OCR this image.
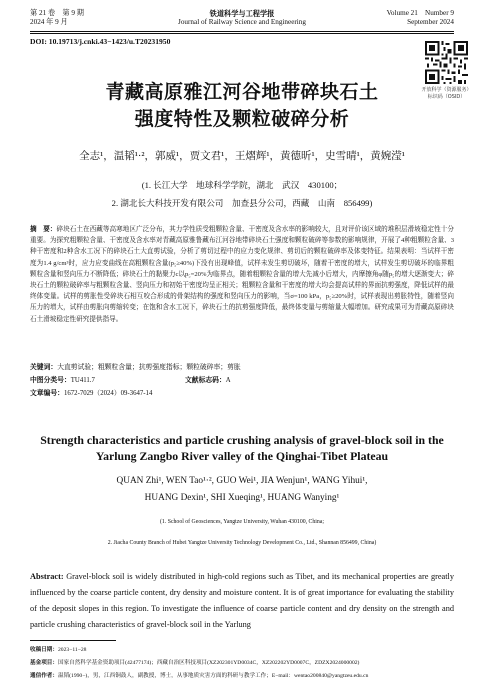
第 21 卷　第 9 期
2024 年 9 月
铁道科学与工程学报
Journal of Railway Science and Engineering
Volume 21　Number 9
September 2024
DOI: 10.19713/j.cnki.43−1423/u.T20231950
开放科学（资源服务）标识码（OSID）
青藏高原雅江河谷地带碎块石土
强度特性及颗粒破碎分析
全志¹，温韬¹·²，郭威¹，贾文君¹，王熠辉¹，黄德昕¹，史雪晴¹，黄婉滢¹
(1. 长江大学　地球科学学院，湖北　武汉　430100；
2. 湖北长大科技开发有限公司　加查县分公司，西藏　山南　856499)
摘　要：碎块石土在西藏等高寒地区广泛分布，其力学性质受粗颗粒含量、干密度及含水率的影响较大，且对评价该区域的堆积层滑坡稳定性十分重要。为探究粗颗粒含量、干密度及含水率对青藏高原雅鲁藏布江河谷地带碎块石土强度和颗粒破碎等参数的影响规律，开展了4种粗颗粒含量、3种干密度和2种含水工况下的碎块石土大直剪试验，分析了剪切过程中的应力变化规律、剪切后的颗粒破碎率及体变特征。结果表明：当试样干密度为1.4 g/cm³时，应力应变曲线在高粗颗粒含量(p₅≥40%)下没有出现峰值，试样未发生剪切破坏，随着干密度的增大，试样发生剪切破坏的临界粗颗粒含量和竖向压力不断降低；碎块石土的黏聚力c以p₅=20%为临界点，随着粗颗粒含量的增大先减小后增大，内摩擦角φ随p₅的增大逐渐变大；碎块石土的颗粒破碎率与粗颗粒含量、竖向压力和初始干密度均呈正相关；粗颗粒含量和干密度的增大均会提高试样的界面抗剪强度，降低试样的最终体变量。试样的剪胀性受碎块石相互咬合形成的骨架结构的强度和竖向压力的影响，当σ=100 kPa，p₅≥20%时，试样表现出剪胀特性，随着竖向压力的增大，试样由剪胀向剪缩转变；在饱和含水工况下，碎块石土的抗剪强度降低，最终体变量与剪缩量大幅增加。研究成果可为青藏高原碎块石土滑坡稳定性研究提供指导。
关键词：大直剪试验；粗颗粒含量；抗剪强度指标；颗粒破碎率；剪胀
中图分类号：TU411.7	文献标志码：A
文章编号：1672-7029（2024）09-3647-14
Strength characteristics and particle crushing analysis of gravel-block soil in the
Yarlung Zangbo River valley of the Qinghai-Tibet Plateau
QUAN Zhi¹, WEN Tao¹·², GUO Wei¹, JIA Wenjun¹, WANG Yihui¹,
HUANG Dexin¹, SHI Xueqing¹, HUANG Wanying¹
(1. School of Geosciences, Yangtze University, Wuhan 430100, China;
2. Jiacha County Branch of Hubei Yangtze University Technology Development Co., Ltd., Shannan 856499, China)
Abstract: Gravel-block soil is widely distributed in high-cold regions such as Tibet, and its mechanical properties are greatly influenced by the coarse particle content, dry density and moisture content. It is of great importance for evaluating the stability of the deposit slopes in this region. To investigate the influence of coarse particle content and dry density on the strength and particle crushing characteristics of gravel-block soil in the Yarlung
收稿日期：2023−11−28
基金项目：国家自然科学基金资助项目(42477174)；西藏自治区科技项目(XZ202301YD0034C，XZ202202YD0007C，ZDZX2024000002)
通信作者：温韬(1990−)，男，江西铜鼓人，副教授，博士，从事地质灾害方面的科研与教学工作；E−mail：wentao200840@yangtzeu.edu.cn
